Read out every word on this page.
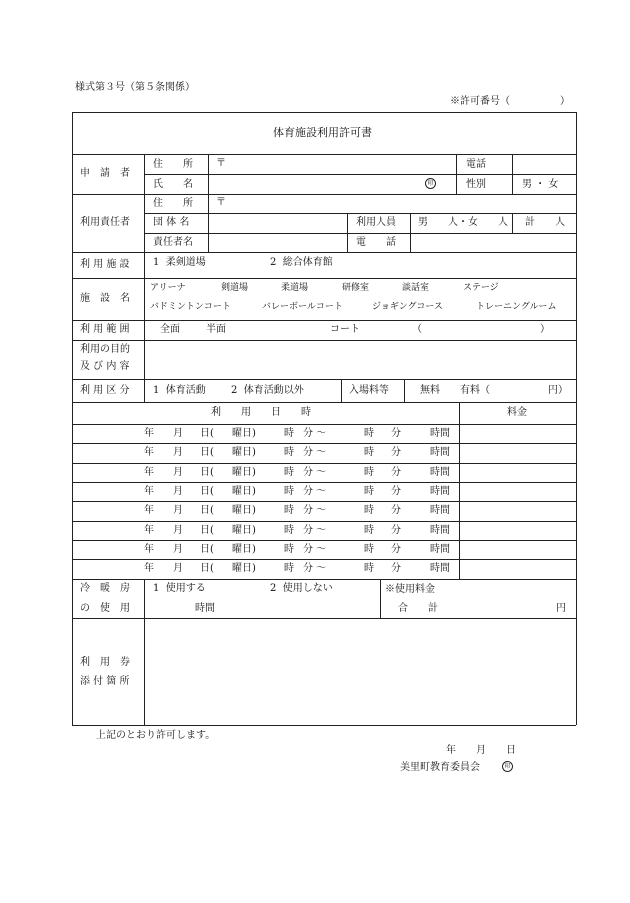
様式第３号（第５条関係）
※許可番号（　　　　　）
体育施設利用許可書
申　請　者
住　　所 〒	電話
氏　　名	印	性別	男 ・ 女
利用責任者
住　　所 〒
団 体 名	利用人員 男　　人・女　　人 計　　人
責任者名	電　　話
利 用 施 設 1  柔剣道場	2  総合体育館
施　設　名
アリーナ	剣道場	柔道場	研修室	談話室	ステージ
バドミントンコート	バレーボールコート	ジョギングコース	トレーニングルーム
利 用 範 囲	全面	半面	コート	（	）
利用の目的
及 び 内 容
利 用 区 分 1  体育活動	2  体育活動以外	入場料等	無料 有料（	円）
利　　用　　日　　時	料金
年 月 日( 曜日)	時 分 ～	時 分	時間
年 月 日( 曜日)	時 分 ～	時 分	時間
年 月 日( 曜日)	時 分 ～	時 分	時間
年 月 日( 曜日)	時 分 ～	時 分	時間
年 月 日( 曜日)	時 分 ～	時 分	時間
年 月 日( 曜日)	時 分 ～	時 分	時間
年 月 日( 曜日)	時 分 ～	時 分	時間
年 月 日( 曜日)	時 分 ～	時 分	時間
冷　暖　房
の　使　用
1  使用する	2  使用しない
時間
※使用料金
合　　計	円
利　用　券
添 付 箇 所
上記のとおり許可します。
年　　月　　日
美里町教育委員会	印
